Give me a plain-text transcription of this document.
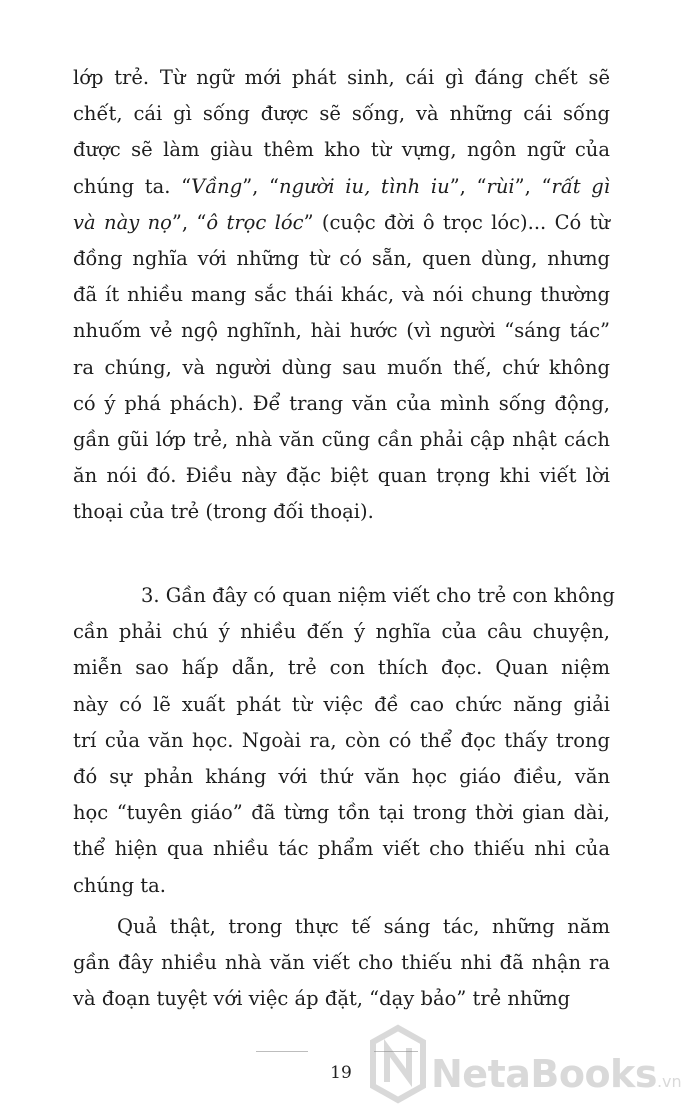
lớp trẻ. Từ ngữ mới phát sinh, cái gì đáng chết sẽ
chết, cái gì sống được sẽ sống, và những cái sống
được sẽ làm giàu thêm kho từ vựng, ngôn ngữ của
chúng ta. “Vầng”, “người iu, tình iu”, “rùi”, “rất gì
và này nọ”, “ô trọc lóc” (cuộc đời ô trọc lóc)... Có từ
đồng nghĩa với những từ có sẵn, quen dùng, nhưng
đã ít nhiều mang sắc thái khác, và nói chung thường
nhuốm vẻ ngộ nghĩnh, hài hước (vì người “sáng tác”
ra chúng, và người dùng sau muốn thế, chứ không
có ý phá phách). Để trang văn của mình sống động,
gần gũi lớp trẻ, nhà văn cũng cần phải cập nhật cách
ăn nói đó. Điều này đặc biệt quan trọng khi viết lời
thoại của trẻ (trong đối thoại).
3. Gần đây có quan niệm viết cho trẻ con không
cần phải chú ý nhiều đến ý nghĩa của câu chuyện,
miễn sao hấp dẫn, trẻ con thích đọc. Quan niệm
này có lẽ xuất phát từ việc đề cao chức năng giải
trí của văn học. Ngoài ra, còn có thể đọc thấy trong
đó sự phản kháng với thứ văn học giáo điều, văn
học “tuyên giáo” đã từng tồn tại trong thời gian dài,
thể hiện qua nhiều tác phẩm viết cho thiếu nhi của
chúng ta.
Quả thật, trong thực tế sáng tác, những năm
gần đây nhiều nhà văn viết cho thiếu nhi đã nhận ra
và đoạn tuyệt với việc áp đặt, “dạy bảo” trẻ những
19	NetaBooks.vn
